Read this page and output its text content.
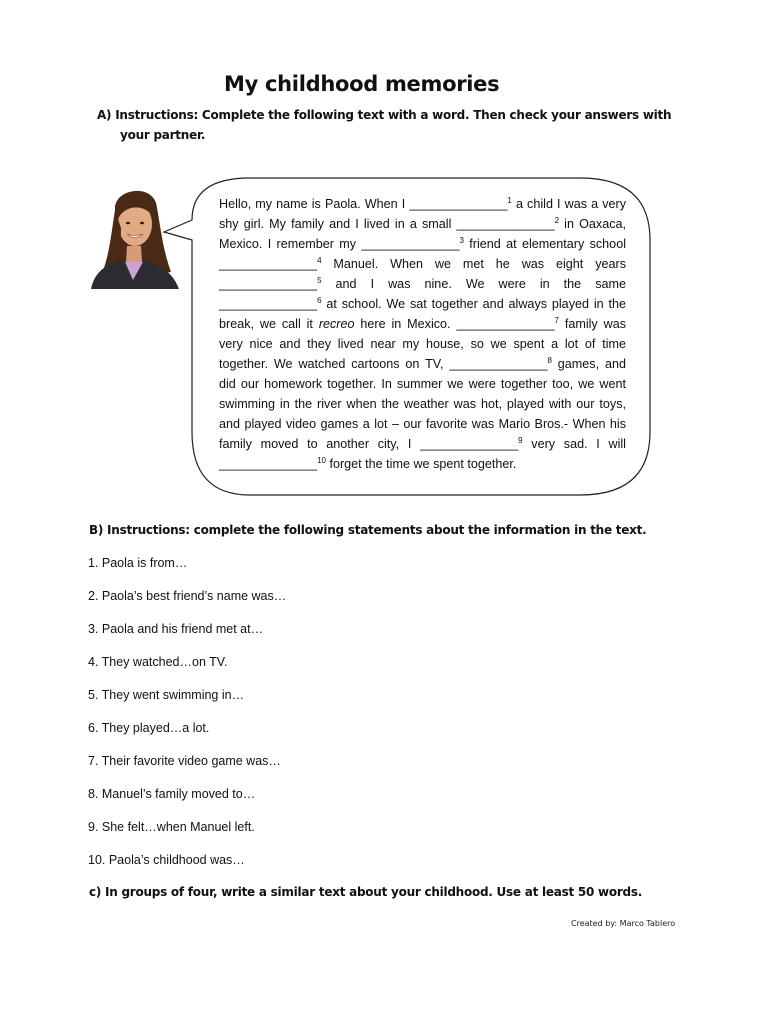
My childhood memories
A) Instructions: Complete the following text with a word. Then check your answers with
your partner.
Hello, my name is Paola. When I ______________$^1$ a child I was a very
shy girl. My family and I lived in a small ______________$^2$ in Oaxaca,
Mexico. I remember my ______________$^3$ friend at elementary school
______________$^4$ Manuel. When we met he was eight years
______________$^5$ and I was nine. We were in the same
______________$^6$ at school. We sat together and always played in the
break, we call it recreo here in Mexico. ______________$^7$ family was
very nice and they lived near my house, so we spent a lot of time
together. We watched cartoons on TV, ______________$^8$ games, and
did our homework together. In summer we were together too, we went
swimming in the river when the weather was hot, played with our toys,
and played video games a lot – our favorite was Mario Bros.- When his
family moved to another city, I ______________$^9$ very sad. I will
______________$^{10}$ forget the time we spent together.
B) Instructions: complete the following statements about the information in the text.
1. Paola is from…
2. Paola’s best friend’s name was…
3. Paola and his friend met at…
4. They watched…on TV.
5. They went swimming in…
6. They played…a lot.
7. Their favorite video game was…
8. Manuel’s family moved to…
9. She felt…when Manuel left.
10. Paola’s childhood was…
c) In groups of four, write a similar text about your childhood. Use at least 50 words.
Created by: Marco Tablero
